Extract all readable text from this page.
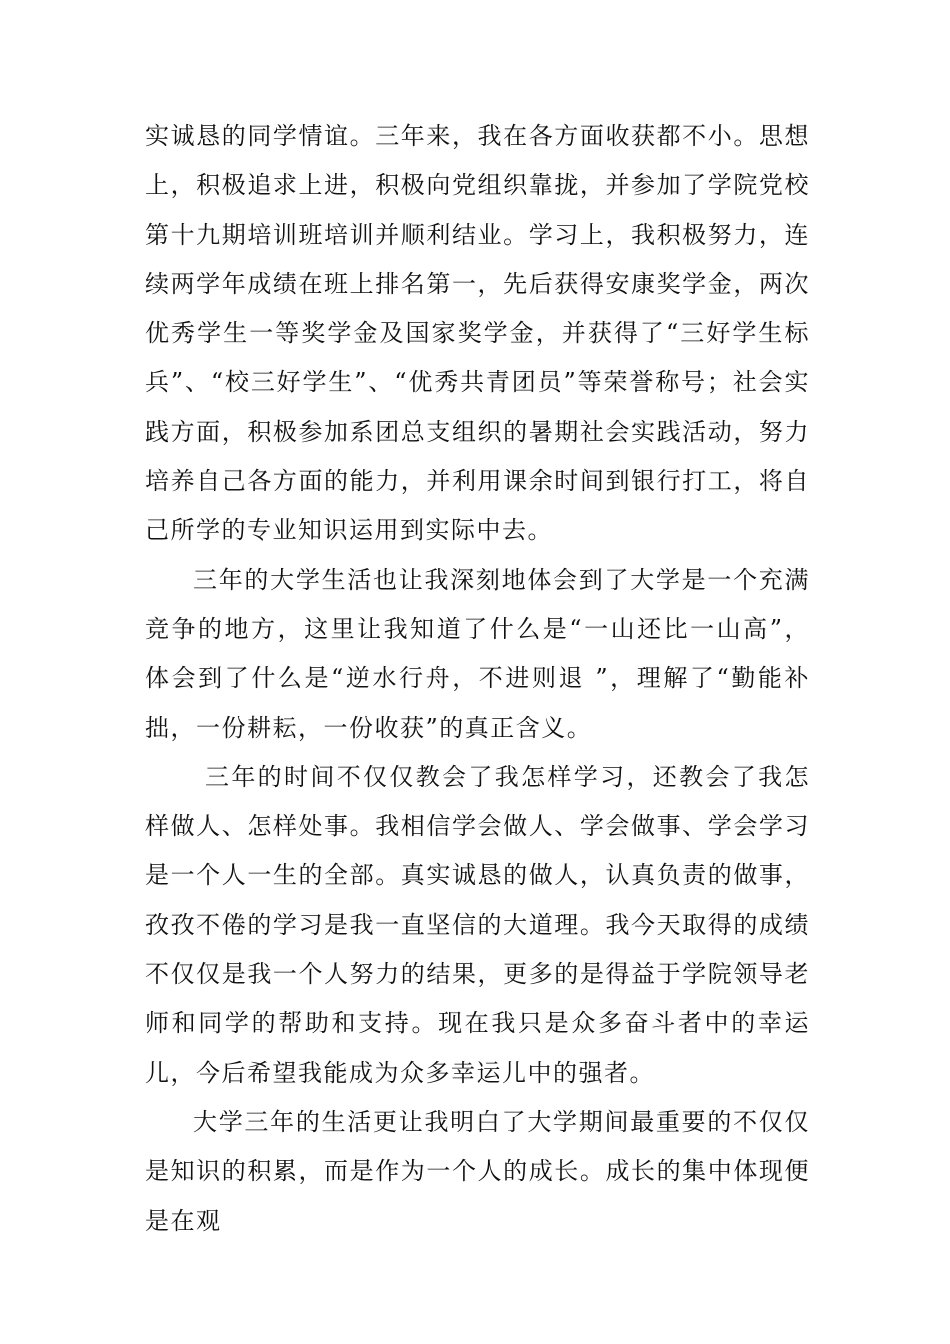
实诚恳的同学情谊。三年来，我在各方面收获都不小。思想上，积极追求上进，积极向党组织靠拢，并参加了学院党校第十九期培训班培训并顺利结业。学习上，我积极努力，连续两学年成绩在班上排名第一，先后获得安康奖学金，两次优秀学生一等奖学金及国家奖学金，并获得了“三好学生标兵”、“校三好学生”、“优秀共青团员”等荣誉称号；社会实践方面，积极参加系团总支组织的暑期社会实践活动，努力培养自己各方面的能力，并利用课余时间到银行打工，将自己所学的专业知识运用到实际中去。

三年的大学生活也让我深刻地体会到了大学是一个充满竞争的地方，这里让我知道了什么是“一山还比一山高”，体会到了什么是“逆水行舟，不进则退 ”，理解了“勤能补拙，一份耕耘，一份收获”的真正含义。

三年的时间不仅仅教会了我怎样学习，还教会了我怎样做人、怎样处事。我相信学会做人、学会做事、学会学习是一个人一生的全部。真实诚恳的做人，认真负责的做事，孜孜不倦的学习是我一直坚信的大道理。我今天取得的成绩不仅仅是我一个人努力的结果，更多的是得益于学院领导老师和同学的帮助和支持。现在我只是众多奋斗者中的幸运儿，今后希望我能成为众多幸运儿中的强者。

大学三年的生活更让我明白了大学期间最重要的不仅仅是知识的积累，而是作为一个人的成长。成长的集中体现便是在观
